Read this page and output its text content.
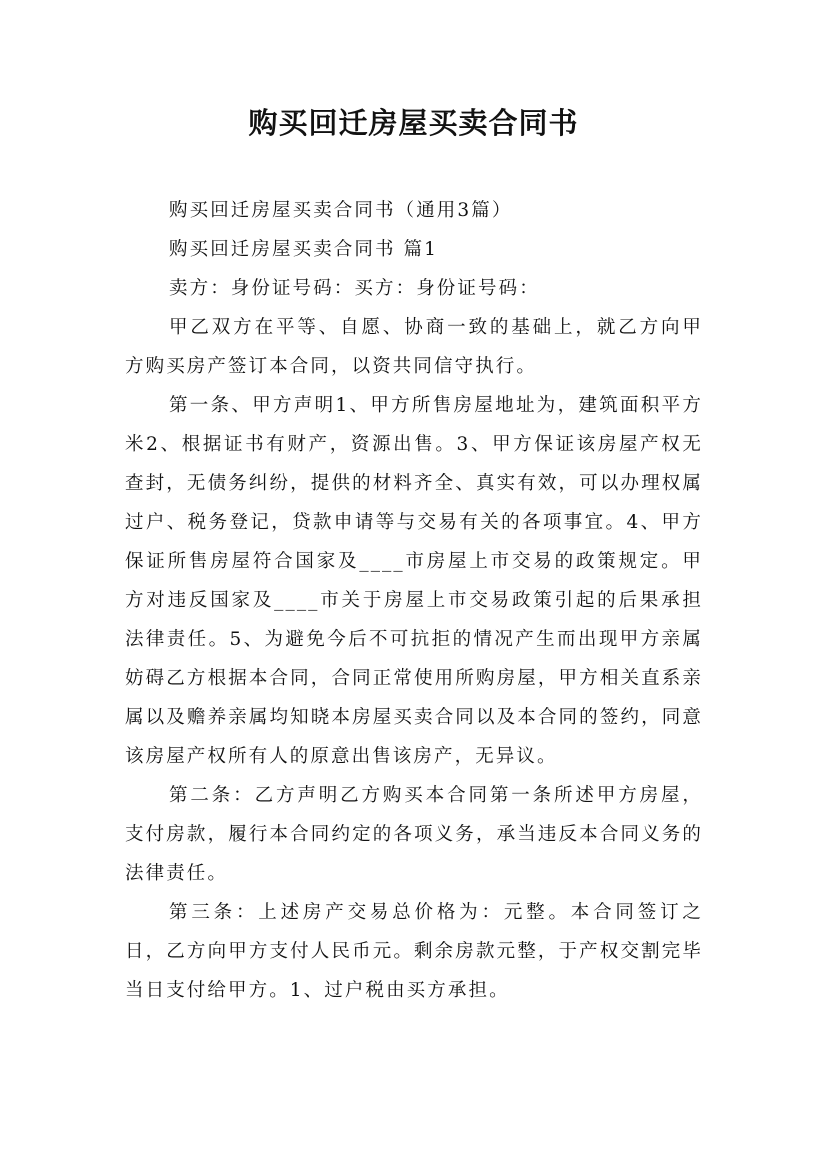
购买回迁房屋买卖合同书

购买回迁房屋买卖合同书（通用3篇）

购买回迁房屋买卖合同书 篇1

卖方：身份证号码：买方：身份证号码：

甲乙双方在平等、自愿、协商一致的基础上，就乙方向甲方购买房产签订本合同，以资共同信守执行。

第一条、甲方声明1、甲方所售房屋地址为，建筑面积平方米2、根据证书有财产，资源出售。3、甲方保证该房屋产权无查封，无债务纠纷，提供的材料齐全、真实有效，可以办理权属过户、税务登记，贷款申请等与交易有关的各项事宜。4、甲方保证所售房屋符合国家及____市房屋上市交易的政策规定。甲方对违反国家及____市关于房屋上市交易政策引起的后果承担法律责任。5、为避免今后不可抗拒的情况产生而出现甲方亲属妨碍乙方根据本合同，合同正常使用所购房屋，甲方相关直系亲属以及赡养亲属均知晓本房屋买卖合同以及本合同的签约，同意该房屋产权所有人的原意出售该房产，无异议。

第二条：乙方声明乙方购买本合同第一条所述甲方房屋，支付房款，履行本合同约定的各项义务，承当违反本合同义务的法律责任。

第三条：上述房产交易总价格为：元整。本合同签订之日，乙方向甲方支付人民币元。剩余房款元整，于产权交割完毕当日支付给甲方。1、过户税由买方承担。
